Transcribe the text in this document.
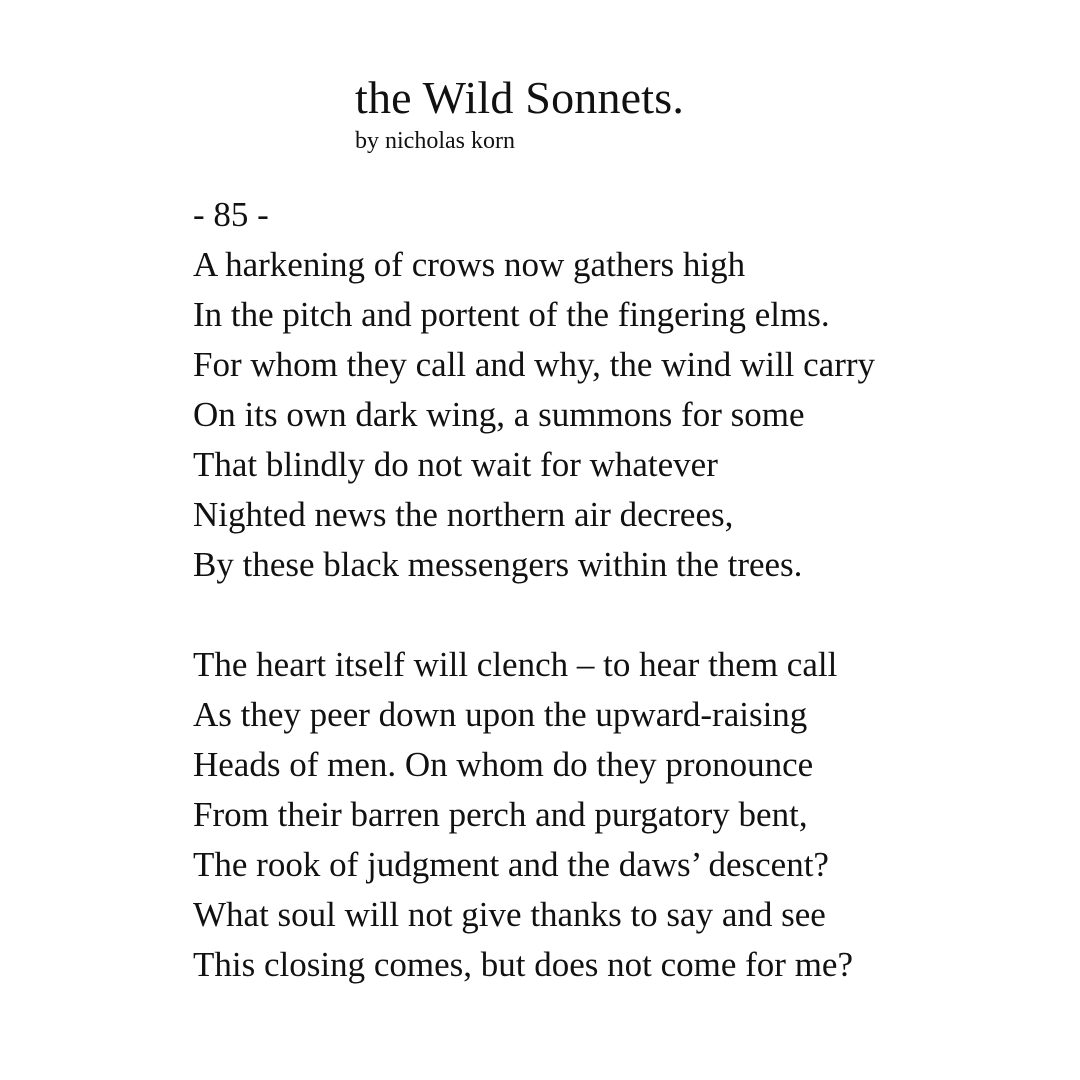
the Wild Sonnets.

by nicholas korn

- 85 -

A harkening of crows now gathers high
In the pitch and portent of the fingering elms.
For whom they call and why, the wind will carry
On its own dark wing, a summons for some
That blindly do not wait for whatever
Nighted news the northern air decrees,
By these black messengers within the trees.
The heart itself will clench – to hear them call
As they peer down upon the upward-raising
Heads of men. On whom do they pronounce
From their barren perch and purgatory bent,
The rook of judgment and the daws’ descent?
What soul will not give thanks to say and see
This closing comes, but does not come for me?
